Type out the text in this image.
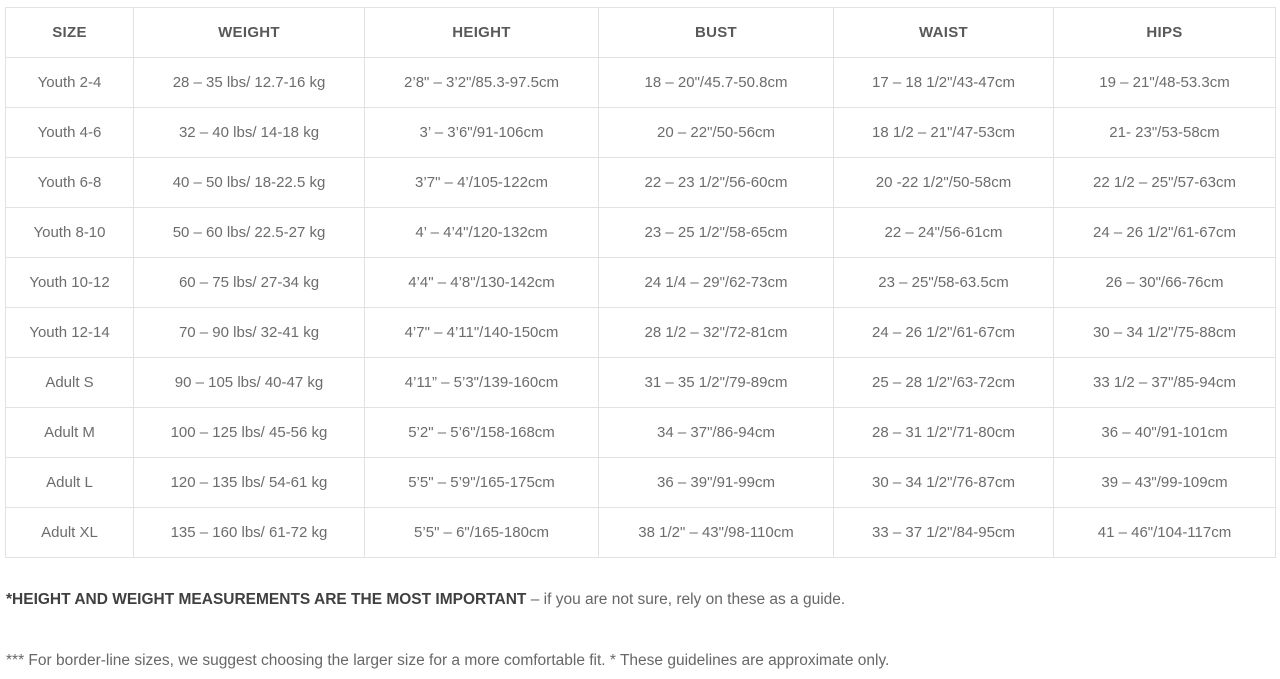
SIZE	WEIGHT	HEIGHT	BUST	WAIST	HIPS
Youth 2-4	28 – 35 lbs/ 12.7-16 kg	2’8" – 3’2"/85.3-97.5cm	18 – 20"/45.7-50.8cm	17 – 18 1/2"/43-47cm	19 – 21"/48-53.3cm
Youth 4-6	32 – 40 lbs/ 14-18 kg	3’ – 3’6"/91-106cm	20 – 22"/50-56cm	18 1/2 – 21"/47-53cm	21- 23"/53-58cm
Youth 6-8	40 – 50 lbs/ 18-22.5 kg	3’7" – 4’/105-122cm	22 – 23 1/2"/56-60cm	20 -22 1/2"/50-58cm	22 1/2 – 25"/57-63cm
Youth 8-10	50 – 60 lbs/ 22.5-27 kg	4’ – 4’4"/120-132cm	23 – 25 1/2"/58-65cm	22 – 24"/56-61cm	24 – 26 1/2"/61-67cm
Youth 10-12	60 – 75 lbs/ 27-34 kg	4’4" – 4’8"/130-142cm	24 1/4 – 29"/62-73cm	23 – 25"/58-63.5cm	26 – 30"/66-76cm
Youth 12-14	70 – 90 lbs/ 32-41 kg	4’7" – 4’11"/140-150cm	28 1/2 – 32"/72-81cm	24 – 26 1/2"/61-67cm	30 – 34 1/2"/75-88cm
Adult S	90 – 105 lbs/ 40-47 kg	4’11” – 5’3"/139-160cm	31 – 35 1/2"/79-89cm	25 – 28 1/2"/63-72cm	33 1/2 – 37"/85-94cm
Adult M	100 – 125 lbs/ 45-56 kg	5’2" – 5’6"/158-168cm	34 – 37"/86-94cm	28 – 31 1/2"/71-80cm	36 – 40"/91-101cm
Adult L	120 – 135 lbs/ 54-61 kg	5’5" – 5’9"/165-175cm	36 – 39"/91-99cm	30 – 34 1/2"/76-87cm	39 – 43"/99-109cm
Adult XL	135 – 160 lbs/ 61-72 kg	5’5" – 6"/165-180cm	38 1/2" – 43"/98-110cm	33 – 37 1/2"/84-95cm	41 – 46"/104-117cm

*HEIGHT AND WEIGHT MEASUREMENTS ARE THE MOST IMPORTANT – if you are not sure, rely on these as a guide.

*** For border-line sizes, we suggest choosing the larger size for a more comfortable fit. * These guidelines are approximate only.
